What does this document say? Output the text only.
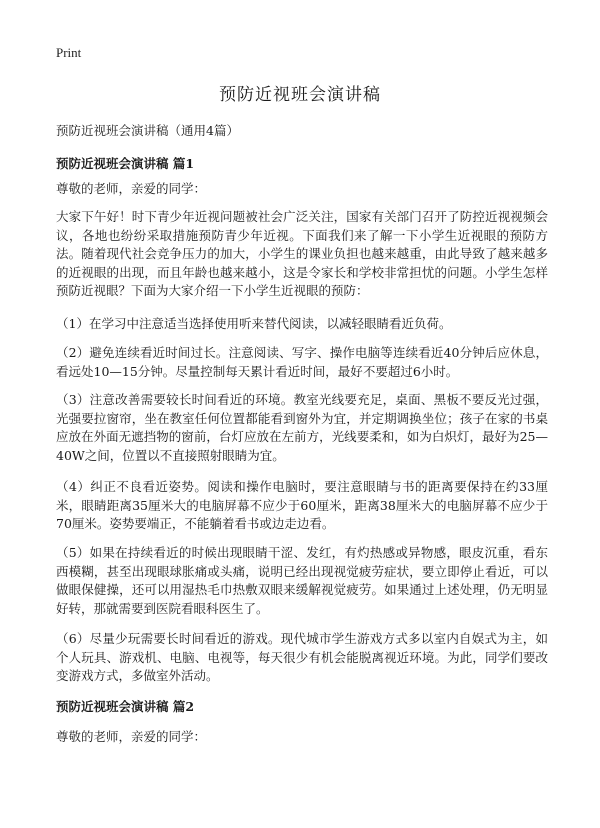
Print
预防近视班会演讲稿
预防近视班会演讲稿（通用4篇）
预防近视班会演讲稿 篇1

尊敬的老师，亲爱的同学：

大家下午好！时下青少年近视问题被社会广泛关注，国家有关部门召开了防控近视视频会议，各地也纷纷采取措施预防青少年近视。下面我们来了解一下小学生近视眼的预防方法。随着现代社会竞争压力的加大，小学生的课业负担也越来越重，由此导致了越来越多的近视眼的出现，而且年龄也越来越小，这是令家长和学校非常担忧的问题。小学生怎样预防近视眼？下面为大家介绍一下小学生近视眼的预防：

（1）在学习中注意适当选择使用听来替代阅读，以减轻眼睛看近负荷。

（2）避免连续看近时间过长。注意阅读、写字、操作电脑等连续看近40分钟后应休息，看远处10—15分钟。尽量控制每天累计看近时间，最好不要超过6小时。

（3）注意改善需要较长时间看近的环境。教室光线要充足，桌面、黑板不要反光过强，光强要拉窗帘，坐在教室任何位置都能看到窗外为宜，并定期调换坐位；孩子在家的书桌应放在外面无遮挡物的窗前，台灯应放在左前方，光线要柔和，如为白炽灯，最好为25—40W之间，位置以不直接照射眼睛为宜。

（4）纠正不良看近姿势。阅读和操作电脑时，要注意眼睛与书的距离要保持在约33厘米，眼睛距离35厘米大的电脑屏幕不应少于60厘米，距离38厘米大的电脑屏幕不应少于70厘米。姿势要端正，不能躺着看书或边走边看。

（5）如果在持续看近的时候出现眼睛干涩、发红，有灼热感或异物感，眼皮沉重，看东西模糊，甚至出现眼球胀痛或头痛，说明已经出现视觉疲劳症状，要立即停止看近，可以做眼保健操，还可以用湿热毛巾热敷双眼来缓解视觉疲劳。如果通过上述处理，仍无明显好转，那就需要到医院看眼科医生了。

（6）尽量少玩需要长时间看近的游戏。现代城市学生游戏方式多以室内自娱式为主，如个人玩具、游戏机、电脑、电视等，每天很少有机会能脱离视近环境。为此，同学们要改变游戏方式，多做室外活动。

预防近视班会演讲稿 篇2

尊敬的老师，亲爱的同学：
